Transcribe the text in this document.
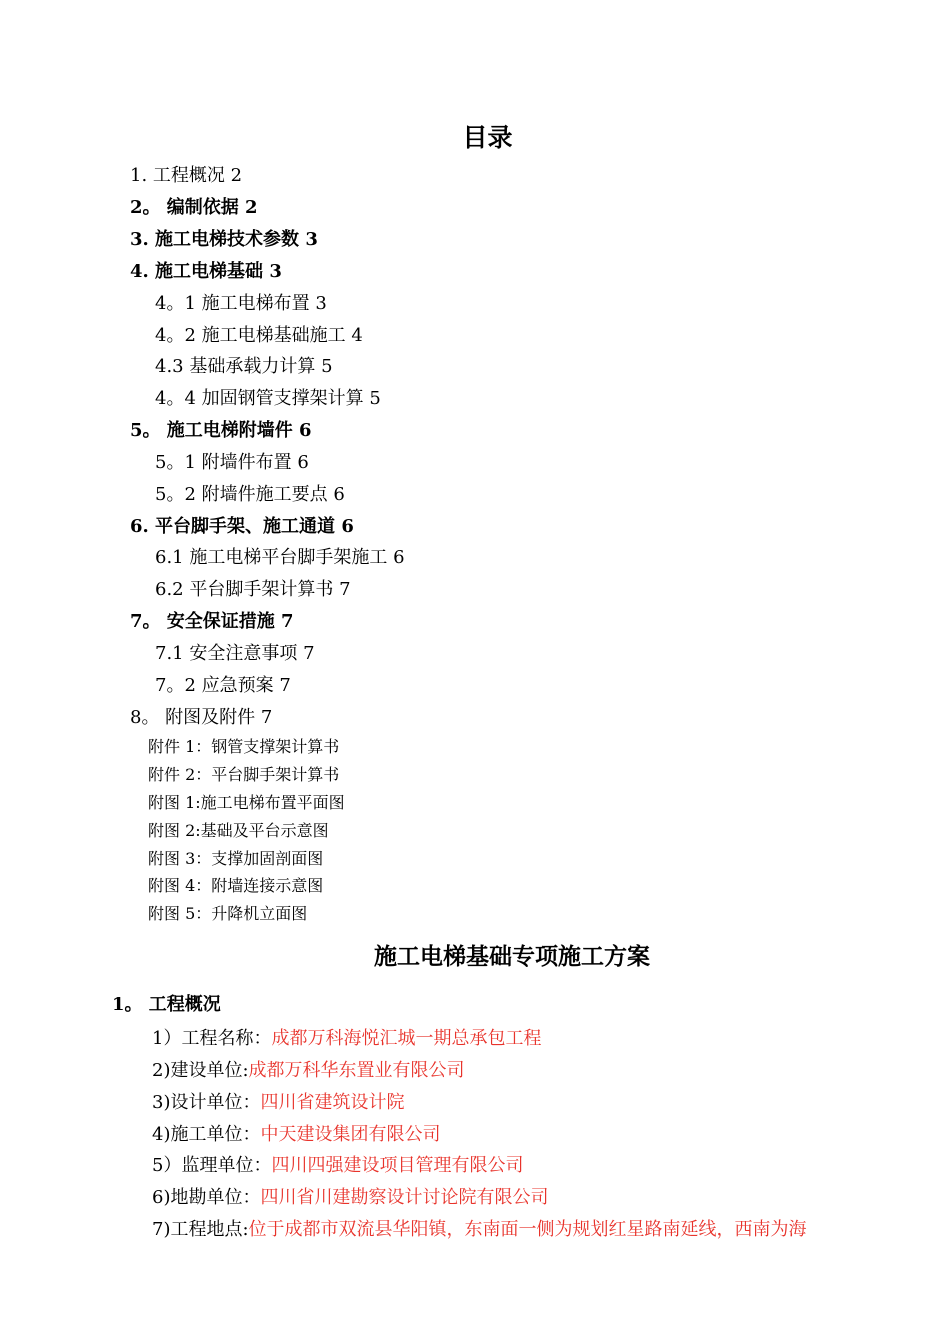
目录
1. 工程概况 2
2。 编制依据 2
3. 施工电梯技术参数 3
4. 施工电梯基础 3
4。1 施工电梯布置 3
4。2 施工电梯基础施工 4
4.3 基础承载力计算 5
4。4 加固钢管支撑架计算 5
5。 施工电梯附墙件 6
5。1 附墙件布置 6
5。2 附墙件施工要点 6
6. 平台脚手架、施工通道 6
6.1 施工电梯平台脚手架施工 6
6.2 平台脚手架计算书 7
7。 安全保证措施 7
7.1 安全注意事项 7
7。2 应急预案 7
8。 附图及附件 7
附件 1：钢管支撑架计算书
附件 2：平台脚手架计算书
附图 1:施工电梯布置平面图
附图 2:基础及平台示意图
附图 3：支撑加固剖面图
附图 4：附墙连接示意图
附图 5：升降机立面图
施工电梯基础专项施工方案
1。 工程概况
1）工程名称：成都万科海悦汇城一期总承包工程
2)建设单位:成都万科华东置业有限公司
3)设计单位：四川省建筑设计院
4)施工单位：中天建设集团有限公司
5）监理单位：四川四强建设项目管理有限公司
6)地勘单位：四川省川建勘察设计讨论院有限公司
7)工程地点:位于成都市双流县华阳镇，东南面一侧为规划红星路南延线，西南为海
